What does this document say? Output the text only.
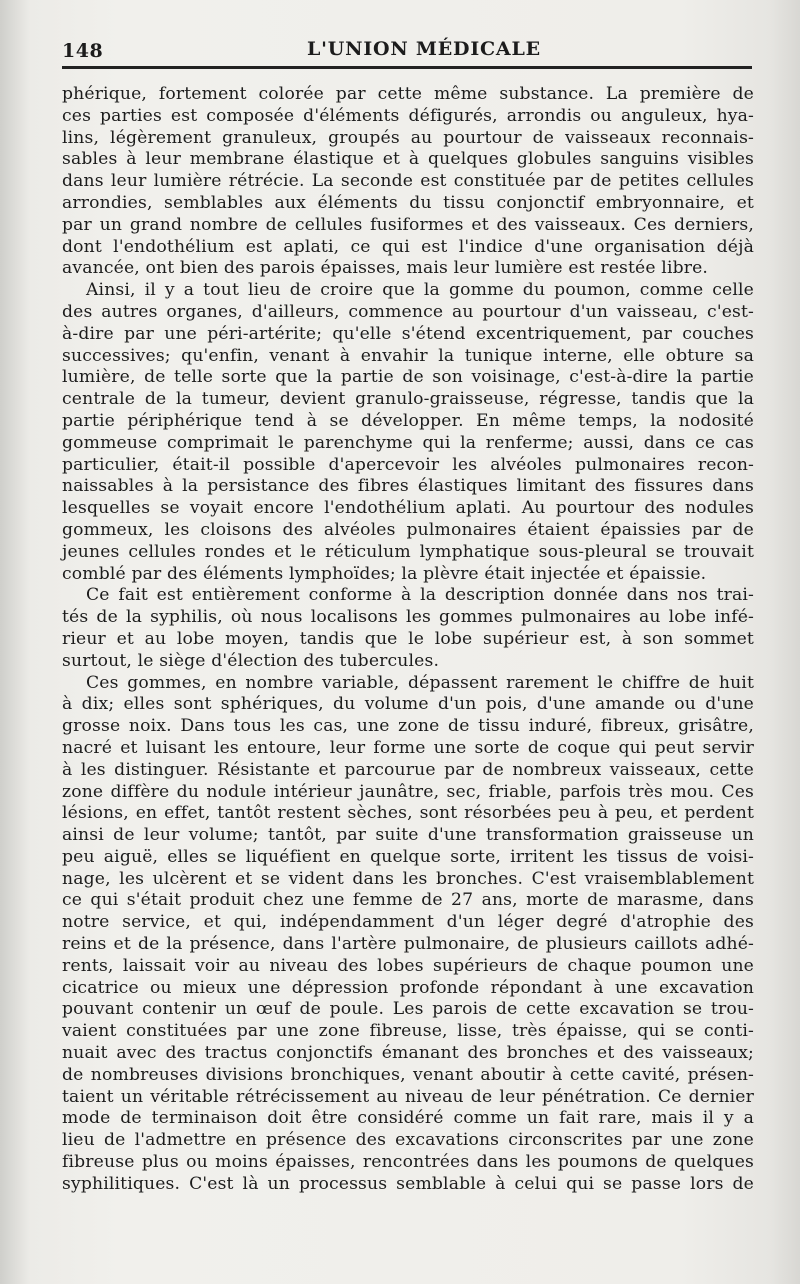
148	L'UNION MÉDICALE
phérique, fortement colorée par cette même substance. La première de
ces parties est composée d'éléments défigurés, arrondis ou anguleux, hya-
lins, légèrement granuleux, groupés au pourtour de vaisseaux reconnais-
sables à leur membrane élastique et à quelques globules sanguins visibles
dans leur lumière rétrécie. La seconde est constituée par de petites cellules
arrondies, semblables aux éléments du tissu conjonctif embryonnaire, et
par un grand nombre de cellules fusiformes et des vaisseaux. Ces derniers,
dont l'endothélium est aplati, ce qui est l'indice d'une organisation déjà
avancée, ont bien des parois épaisses, mais leur lumière est restée libre.
Ainsi, il y a tout lieu de croire que la gomme du poumon, comme celle
des autres organes, d'ailleurs, commence au pourtour d'un vaisseau, c'est-
à-dire par une péri-artérite; qu'elle s'étend excentriquement, par couches
successives; qu'enfin, venant à envahir la tunique interne, elle obture sa
lumière, de telle sorte que la partie de son voisinage, c'est-à-dire la partie
centrale de la tumeur, devient granulo-graisseuse, régresse, tandis que la
partie périphérique tend à se développer. En même temps, la nodosité
gommeuse comprimait le parenchyme qui la renferme; aussi, dans ce cas
particulier, était-il possible d'apercevoir les alvéoles pulmonaires recon-
naissables à la persistance des fibres élastiques limitant des fissures dans
lesquelles se voyait encore l'endothélium aplati. Au pourtour des nodules
gommeux, les cloisons des alvéoles pulmonaires étaient épaissies par de
jeunes cellules rondes et le réticulum lymphatique sous-pleural se trouvait
comblé par des éléments lymphoïdes; la plèvre était injectée et épaissie.
Ce fait est entièrement conforme à la description donnée dans nos trai-
tés de la syphilis, où nous localisons les gommes pulmonaires au lobe infé-
rieur et au lobe moyen, tandis que le lobe supérieur est, à son sommet
surtout, le siège d'élection des tubercules.
Ces gommes, en nombre variable, dépassent rarement le chiffre de huit
à dix; elles sont sphériques, du volume d'un pois, d'une amande ou d'une
grosse noix. Dans tous les cas, une zone de tissu induré, fibreux, grisâtre,
nacré et luisant les entoure, leur forme une sorte de coque qui peut servir
à les distinguer. Résistante et parcourue par de nombreux vaisseaux, cette
zone diffère du nodule intérieur jaunâtre, sec, friable, parfois très mou. Ces
lésions, en effet, tantôt restent sèches, sont résorbées peu à peu, et perdent
ainsi de leur volume; tantôt, par suite d'une transformation graisseuse un
peu aiguë, elles se liquéfient en quelque sorte, irritent les tissus de voisi-
nage, les ulcèrent et se vident dans les bronches. C'est vraisemblablement
ce qui s'était produit chez une femme de 27 ans, morte de marasme, dans
notre service, et qui, indépendamment d'un léger degré d'atrophie des
reins et de la présence, dans l'artère pulmonaire, de plusieurs caillots adhé-
rents, laissait voir au niveau des lobes supérieurs de chaque poumon une
cicatrice ou mieux une dépression profonde répondant à une excavation
pouvant contenir un œuf de poule. Les parois de cette excavation se trou-
vaient constituées par une zone fibreuse, lisse, très épaisse, qui se conti-
nuait avec des tractus conjonctifs émanant des bronches et des vaisseaux;
de nombreuses divisions bronchiques, venant aboutir à cette cavité, présen-
taient un véritable rétrécissement au niveau de leur pénétration. Ce dernier
mode de terminaison doit être considéré comme un fait rare, mais il y a
lieu de l'admettre en présence des excavations circonscrites par une zone
fibreuse plus ou moins épaisses, rencontrées dans les poumons de quelques
syphilitiques. C'est là un processus semblable à celui qui se passe lors de
